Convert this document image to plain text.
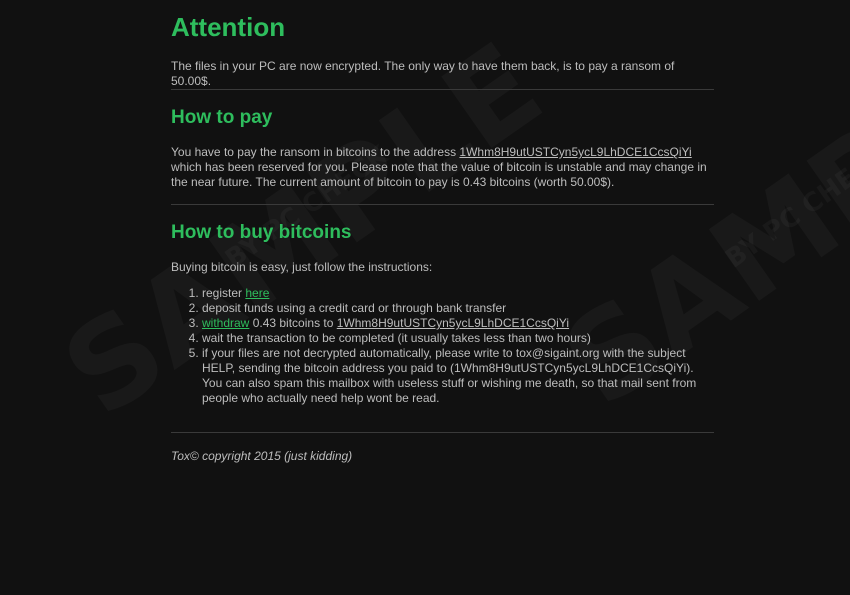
Attention

The files in your PC are now encrypted. The only way to have them back, is to pay a ransom of 50.00$.

How to pay

You have to pay the ransom in bitcoins to the address 1Whm8H9utUSTCyn5ycL9LhDCE1CcsQiYi which has been reserved for you. Please note that the value of bitcoin is unstable and may change in the near future. The current amount of bitcoin to pay is 0.43 bitcoins (worth 50.00$).

How to buy bitcoins

Buying bitcoin is easy, just follow the instructions:

1. register here
2. deposit funds using a credit card or through bank transfer
3. withdraw 0.43 bitcoins to 1Whm8H9utUSTCyn5ycL9LhDCE1CcsQiYi
4. wait the transaction to be completed (it usually takes less than two hours)
5. if your files are not decrypted automatically, please write to tox@sigaint.org with the subject HELP, sending the bitcoin address you paid to (1Whm8H9utUSTCyn5ycL9LhDCE1CcsQiYi). You can also spam this mailbox with useless stuff or wishing me death, so that mail sent from people who actually need help wont be read.
Tox© copyright 2015 (just kidding)
